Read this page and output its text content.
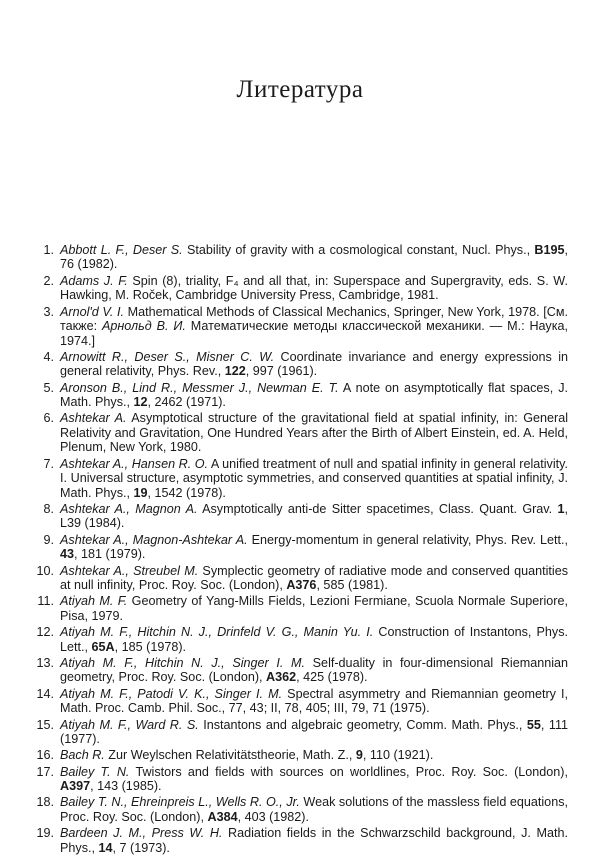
Литература
1. Abbott L. F., Deser S. Stability of gravity with a cosmological constant, Nucl. Phys., B195, 76 (1982).
2. Adams J. F. Spin (8), triality, F₄ and all that, in: Superspace and Supergravity, eds. S. W. Hawking, M. Roček, Cambridge University Press, Cambridge, 1981.
3. Arnol'd V. I. Mathematical Methods of Classical Mechanics, Springer, New York, 1978. [См. также: Арнольд В. И. Математические методы классической механики. — М.: Наука, 1974.]
4. Arnowitt R., Deser S., Misner C. W. Coordinate invariance and energy expressions in general relativity, Phys. Rev., 122, 997 (1961).
5. Aronson B., Lind R., Messmer J., Newman E. T. A note on asymptotically flat spaces, J. Math. Phys., 12, 2462 (1971).
6. Ashtekar A. Asymptotical structure of the gravitational field at spatial infinity, in: General Relativity and Gravitation, One Hundred Years after the Birth of Albert Einstein, ed. A. Held, Plenum, New York, 1980.
7. Ashtekar A., Hansen R. O. A unified treatment of null and spatial infinity in general relativity. I. Universal structure, asymptotic symmetries, and conserved quantities at spatial infinity, J. Math. Phys., 19, 1542 (1978).
8. Ashtekar A., Magnon A. Asymptotically anti-de Sitter spacetimes, Class. Quant. Grav. 1, L39 (1984).
9. Ashtekar A., Magnon-Ashtekar A. Energy-momentum in general relativity, Phys. Rev. Lett., 43, 181 (1979).
10. Ashtekar A., Streubel M. Symplectic geometry of radiative mode and conserved quantities at null infinity, Proc. Roy. Soc. (London), A376, 585 (1981).
11. Atiyah M. F. Geometry of Yang-Mills Fields, Lezioni Fermiane, Scuola Normale Superiore, Pisa, 1979.
12. Atiyah M. F., Hitchin N. J., Drinfeld V. G., Manin Yu. I. Construction of Instantons, Phys. Lett., 65A, 185 (1978).
13. Atiyah M. F., Hitchin N. J., Singer I. M. Self-duality in four-dimensional Riemannian geometry, Proc. Roy. Soc. (London), A362, 425 (1978).
14. Atiyah M. F., Patodi V. K., Singer I. M. Spectral asymmetry and Riemannian geometry I, Math. Proc. Camb. Phil. Soc., 77, 43; II, 78, 405; III, 79, 71 (1975).
15. Atiyah M. F., Ward R. S. Instantons and algebraic geometry, Comm. Math. Phys., 55, 111 (1977).
16. Bach R. Zur Weylschen Relativitätstheorie, Math. Z., 9, 110 (1921).
17. Bailey T. N. Twistors and fields with sources on worldlines, Proc. Roy. Soc. (London), A397, 143 (1985).
18. Bailey T. N., Ehreinpreis L., Wells R. O., Jr. Weak solutions of the massless field equations, Proc. Roy. Soc. (London), A384, 403 (1982).
19. Bardeen J. M., Press W. H. Radiation fields in the Schwarzschild background, J. Math. Phys., 14, 7 (1973).
